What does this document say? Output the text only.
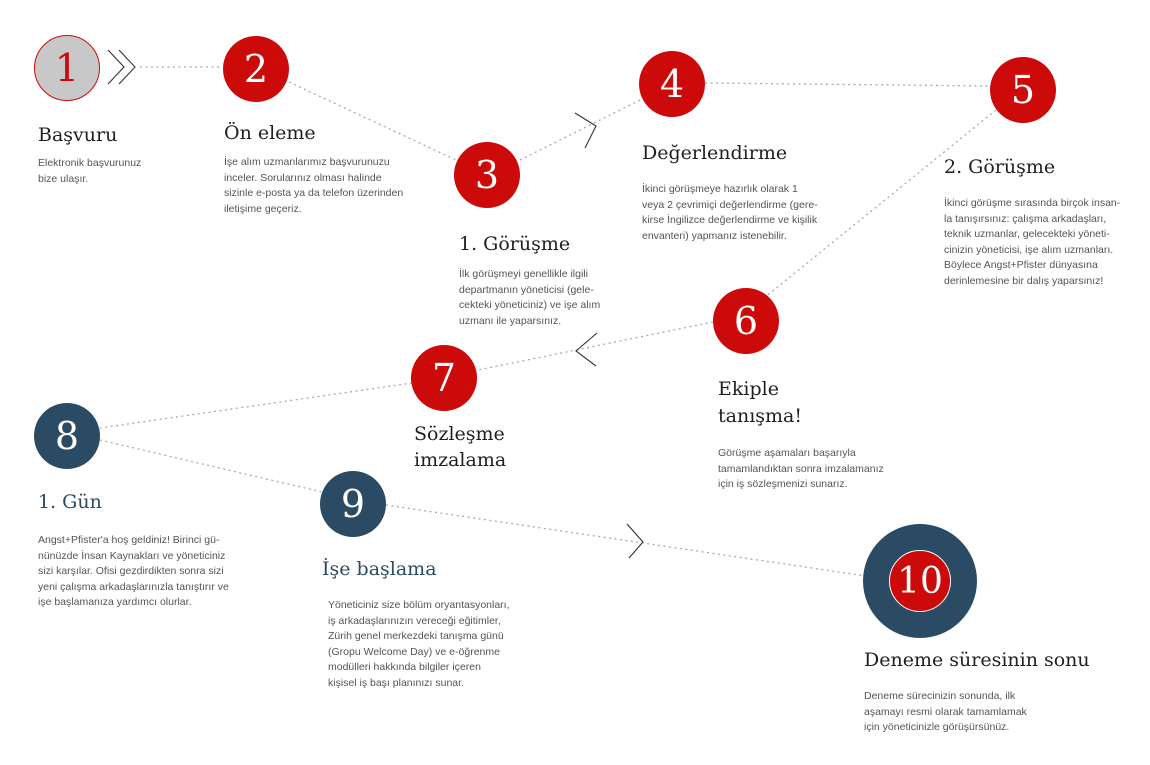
1
Başvuru
Elektronik başvurunuz
bize ulaşır.
2
Ön eleme
İşe alım uzmanlarımız başvurunuzu
inceler. Sorularınız olması halinde
sizinle e-posta ya da telefon üzerinden
iletişime geçeriz.
3
1. Görüşme
İlk görüşmeyi genellikle ilgili
departmanın yöneticisi (gele-
cekteki yöneticiniz) ve işe alım
uzmanı ile yaparsınız.
4
Değerlendirme
İkinci görüşmeye hazırlık olarak 1
veya 2 çevrimiçi değerlendirme (gere-
kirse İngilizce değerlendirme ve kişilik
envanteri) yapmanız istenebilir.
5
2. Görüşme
İkinci görüşme sırasında birçok insan-
la tanışırsınız: çalışma arkadaşları,
teknik uzmanlar, gelecekteki yöneti-
cinizin yöneticisi, işe alım uzmanları.
Böylece Angst+Pfister dünyasına
derinlemesine bir dalış yaparsınız!
6
Ekiple
tanışma!
Görüşme aşamaları başarıyla
tamamlandıktan sonra imzalamanız
için iş sözleşmenizi sunarız.
7
Sözleşme
imzalama
8
1. Gün
Angst+Pfister'a hoş geldiniz! Birinci gü-
nünüzde İnsan Kaynakları ve yöneticiniz
sizi karşılar. Ofisi gezdirdikten sonra sizi
yeni çalışma arkadaşlarınızla tanıştırır ve
işe başlamanıza yardımcı olurlar.
9
İşe başlama
Yöneticiniz size bölüm oryantasyonları,
iş arkadaşlarınızın vereceği eğitimler,
Zürih genel merkezdeki tanışma günü
(Gropu Welcome Day) ve e-öğrenme
modülleri hakkında bilgiler içeren
kişisel iş başı planınızı sunar.
10
Deneme süresinin sonu
Deneme sürecinizin sonunda, ilk
aşamayı resmi olarak tamamlamak
için yöneticinizle görüşürsünüz.
